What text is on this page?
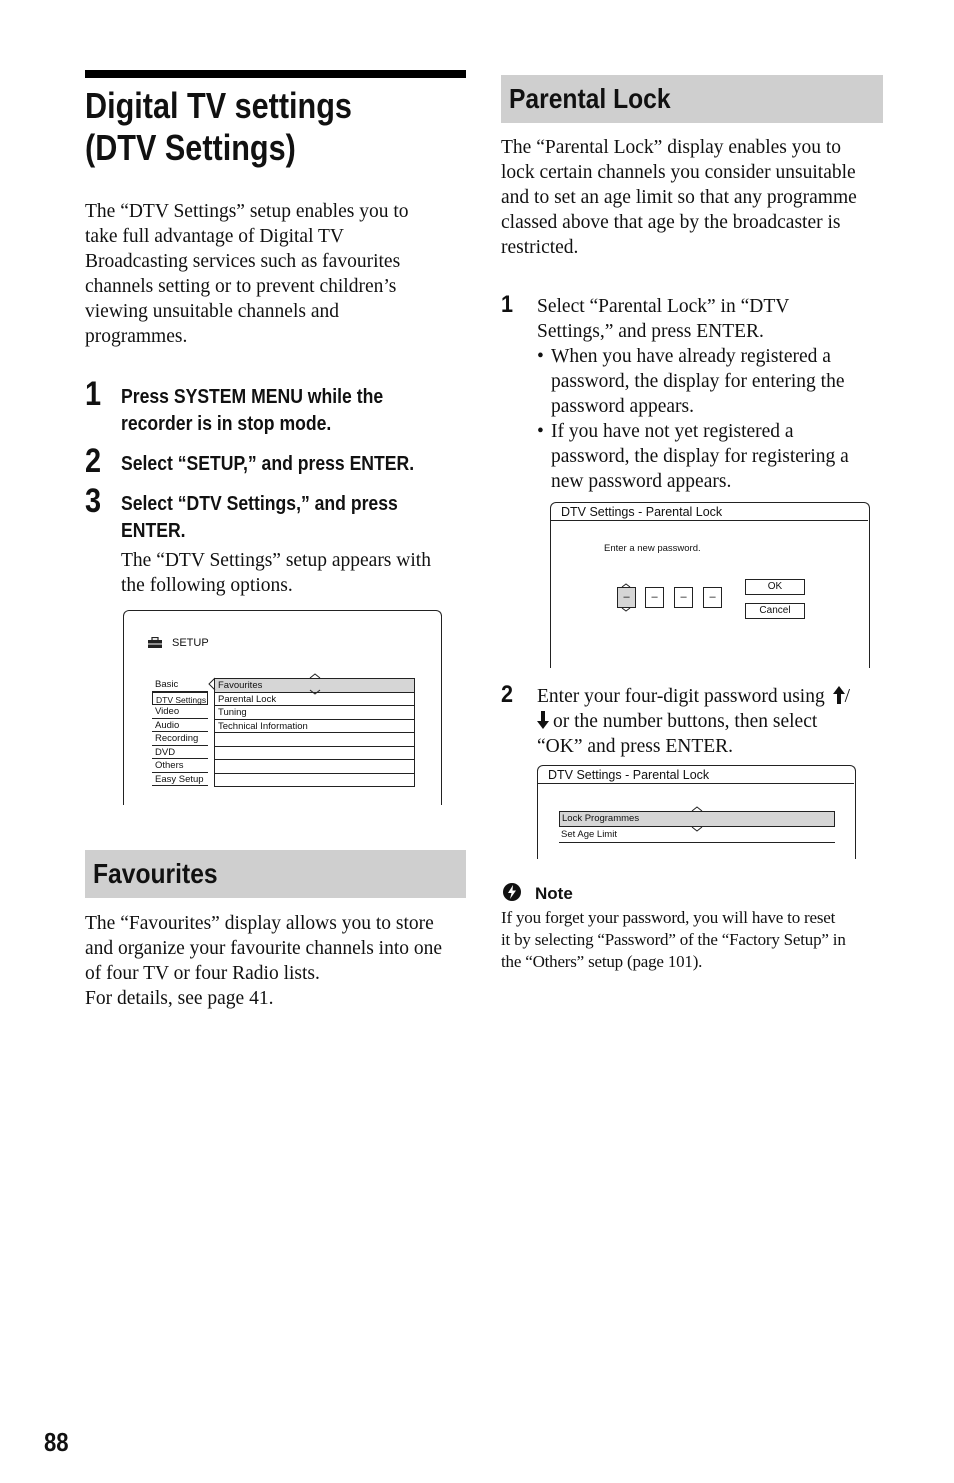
Digital TV settings
(DTV Settings)
The “DTV Settings” setup enables you to
take full advantage of Digital TV
Broadcasting services such as favourites
channels setting or to prevent children’s
viewing unsuitable channels and
programmes.
1 Press SYSTEM MENU while the
recorder is in stop mode.
2 Select “SETUP,” and press ENTER.
3 Select “DTV Settings,” and press
ENTER.
The “DTV Settings” setup appears with
the following options.
SETUP
Basic
DTV Settings
Video
Audio
Recording
DVD
Others
Easy Setup
Favourites
Parental Lock
Tuning
Technical Information
Favourites
The “Favourites” display allows you to store
and organize your favourite channels into one
of four TV or four Radio lists.
For details, see page 41.
Parental Lock
The “Parental Lock” display enables you to
lock certain channels you consider unsuitable
and to set an age limit so that any programme
classed above that age by the broadcaster is
restricted.
1 Select “Parental Lock” in “DTV
Settings,” and press ENTER.
• When you have already registered a
password, the display for entering the
password appears.
• If you have not yet registered a
password, the display for registering a
new password appears.
DTV Settings - Parental Lock
Enter a new password.
–	–	–	–
OK
Cancel
2 Enter your four-digit password using /
or the number buttons, then select
“OK” and press ENTER.
DTV Settings - Parental Lock
Lock Programmes
Set Age Limit
Note
If you forget your password, you will have to reset
it by selecting “Password” of the “Factory Setup” in
the “Others” setup (page 101).
88
